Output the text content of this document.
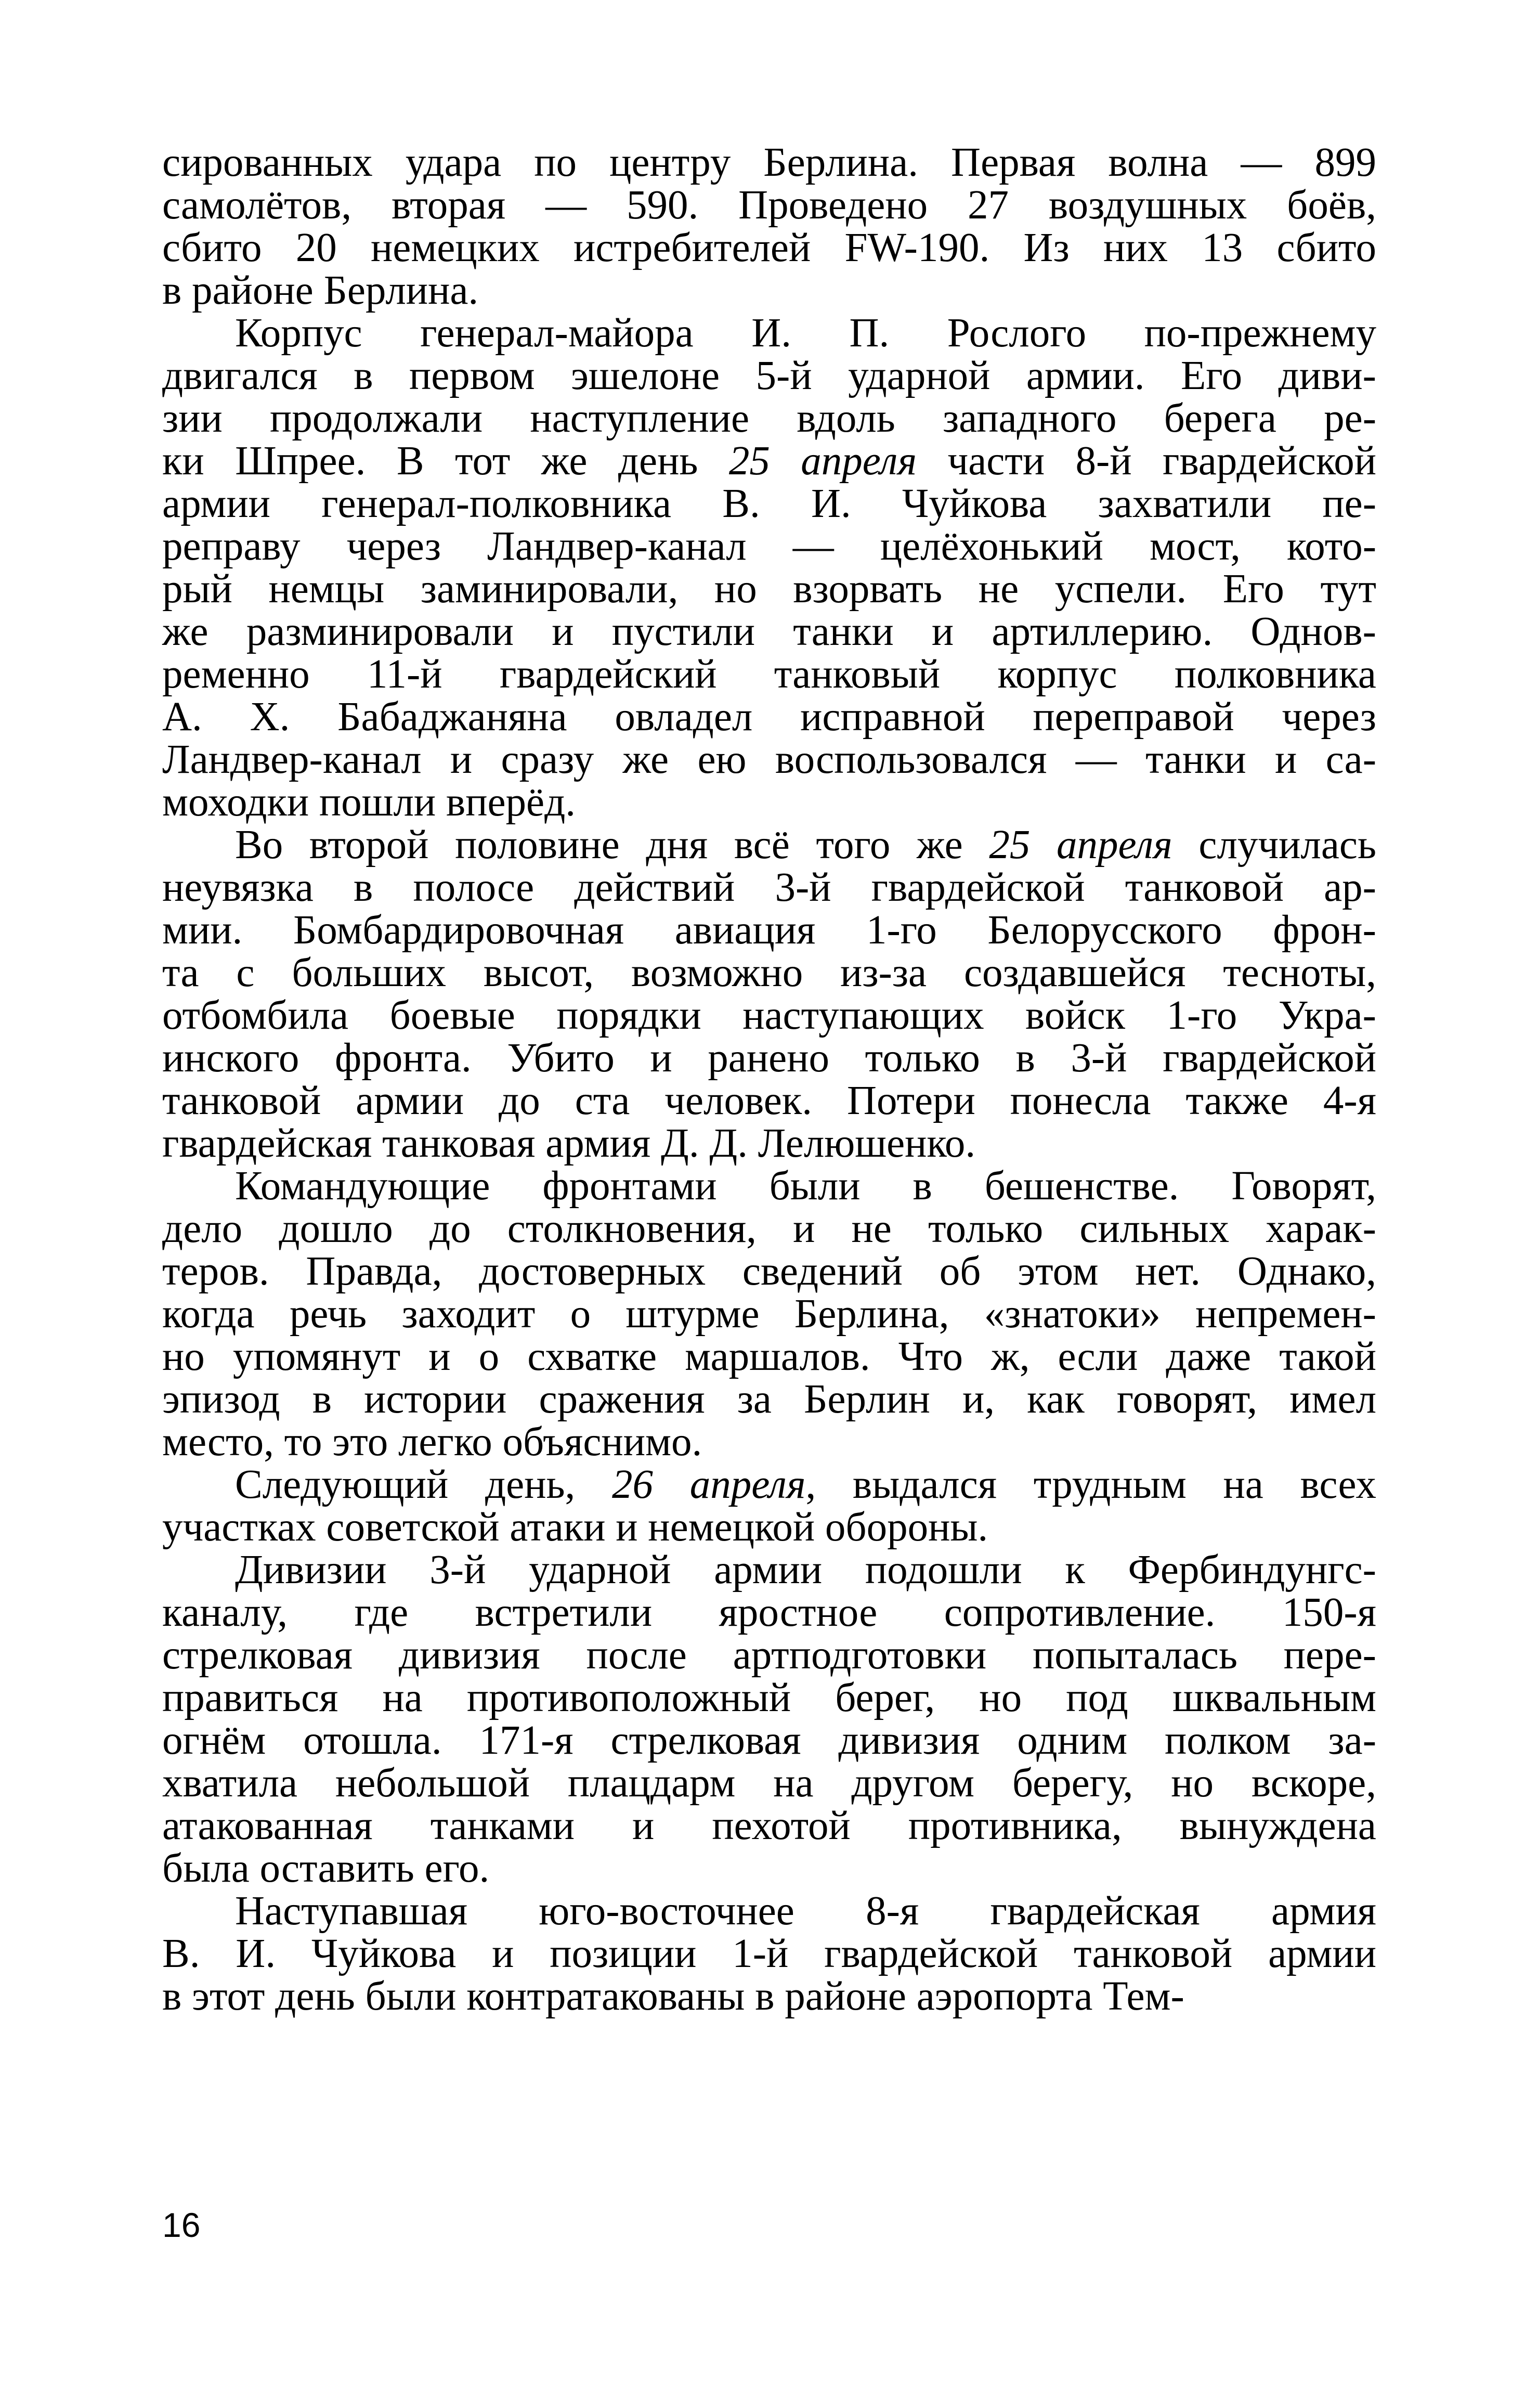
сированных удара по центру Берлина. Первая волна — 899
самолётов, вторая — 590. Проведено 27 воздушных боёв,
сбито 20 немецких истребителей FW-190. Из них 13 сбито
в районе Берлина.
Корпус генерал-майора И. П. Рослого по-прежнему
двигался в первом эшелоне 5-й ударной армии. Его диви-
зии продолжали наступление вдоль западного берега ре-
ки Шпрее. В тот же день 25 апреля части 8-й гвардейской
армии генерал-полковника В. И. Чуйкова захватили пе-
реправу через Ландвер-канал — целёхонький мост, кото-
рый немцы заминировали, но взорвать не успели. Его тут
же разминировали и пустили танки и артиллерию. Однов-
ременно 11-й гвардейский танковый корпус полковника
А. Х. Бабаджаняна овладел исправной переправой через
Ландвер-канал и сразу же ею воспользовался — танки и са-
моходки пошли вперёд.
Во второй половине дня всё того же 25 апреля случилась
неувязка в полосе действий 3-й гвардейской танковой ар-
мии. Бомбардировочная авиация 1-го Белорусского фрон-
та с больших высот, возможно из-за создавшейся тесноты,
отбомбила боевые порядки наступающих войск 1-го Укра-
инского фронта. Убито и ранено только в 3-й гвардейской
танковой армии до ста человек. Потери понесла также 4-я
гвардейская танковая армия Д. Д. Лелюшенко.
Командующие фронтами были в бешенстве. Говорят,
дело дошло до столкновения, и не только сильных харак-
теров. Правда, достоверных сведений об этом нет. Однако,
когда речь заходит о штурме Берлина, «знатоки» непремен-
но упомянут и о схватке маршалов. Что ж, если даже такой
эпизод в истории сражения за Берлин и, как говорят, имел
место, то это легко объяснимо.
Следующий день, 26 апреля, выдался трудным на всех
участках советской атаки и немецкой обороны.
Дивизии 3-й ударной армии подошли к Фербиндунгс-
каналу, где встретили яростное сопротивление. 150-я
стрелковая дивизия после артподготовки попыталась пере-
правиться на противоположный берег, но под шквальным
огнём отошла. 171-я стрелковая дивизия одним полком за-
хватила небольшой плацдарм на другом берегу, но вскоре,
атакованная танками и пехотой противника, вынуждена
была оставить его.
Наступавшая юго-восточнее 8-я гвардейская армия
В. И. Чуйкова и позиции 1-й гвардейской танковой армии
в этот день были контратакованы в районе аэропорта Тем-
16
